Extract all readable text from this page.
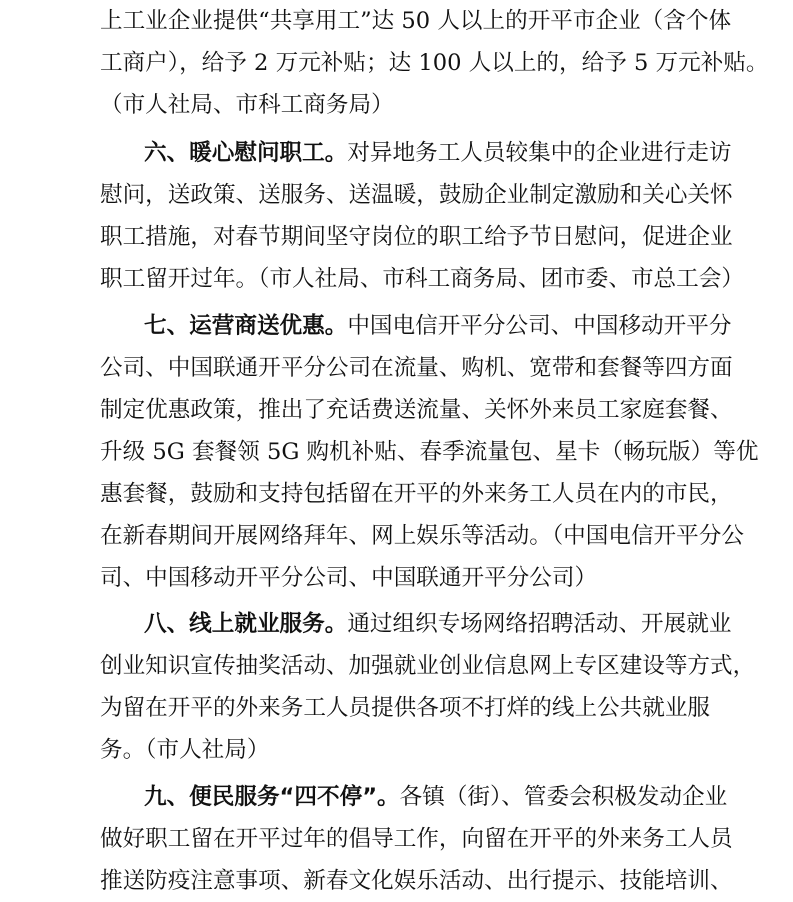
上工业企业提供“共享用工”达 50 人以上的开平市企业（含个体
工商户），给予 2 万元补贴；达 100 人以上的，给予 5 万元补贴。
（市人社局、市科工商务局）
六、暖心慰问职工。对异地务工人员较集中的企业进行走访
慰问，送政策、送服务、送温暖，鼓励企业制定激励和关心关怀
职工措施，对春节期间坚守岗位的职工给予节日慰问，促进企业
职工留开过年。（市人社局、市科工商务局、团市委、市总工会）
七、运营商送优惠。中国电信开平分公司、中国移动开平分
公司、中国联通开平分公司在流量、购机、宽带和套餐等四方面
制定优惠政策，推出了充话费送流量、关怀外来员工家庭套餐、
升级 5G 套餐领 5G 购机补贴、春季流量包、星卡（畅玩版）等优
惠套餐，鼓励和支持包括留在开平的外来务工人员在内的市民，
在新春期间开展网络拜年、网上娱乐等活动。（中国电信开平分公
司、中国移动开平分公司、中国联通开平分公司）
八、线上就业服务。通过组织专场网络招聘活动、开展就业
创业知识宣传抽奖活动、加强就业创业信息网上专区建设等方式，
为留在开平的外来务工人员提供各项不打烊的线上公共就业服
务。（市人社局）
九、便民服务“四不停”。各镇（街）、管委会积极发动企业
做好职工留在开平过年的倡导工作，向留在开平的外来务工人员
推送防疫注意事项、新春文化娱乐活动、出行提示、技能培训、
